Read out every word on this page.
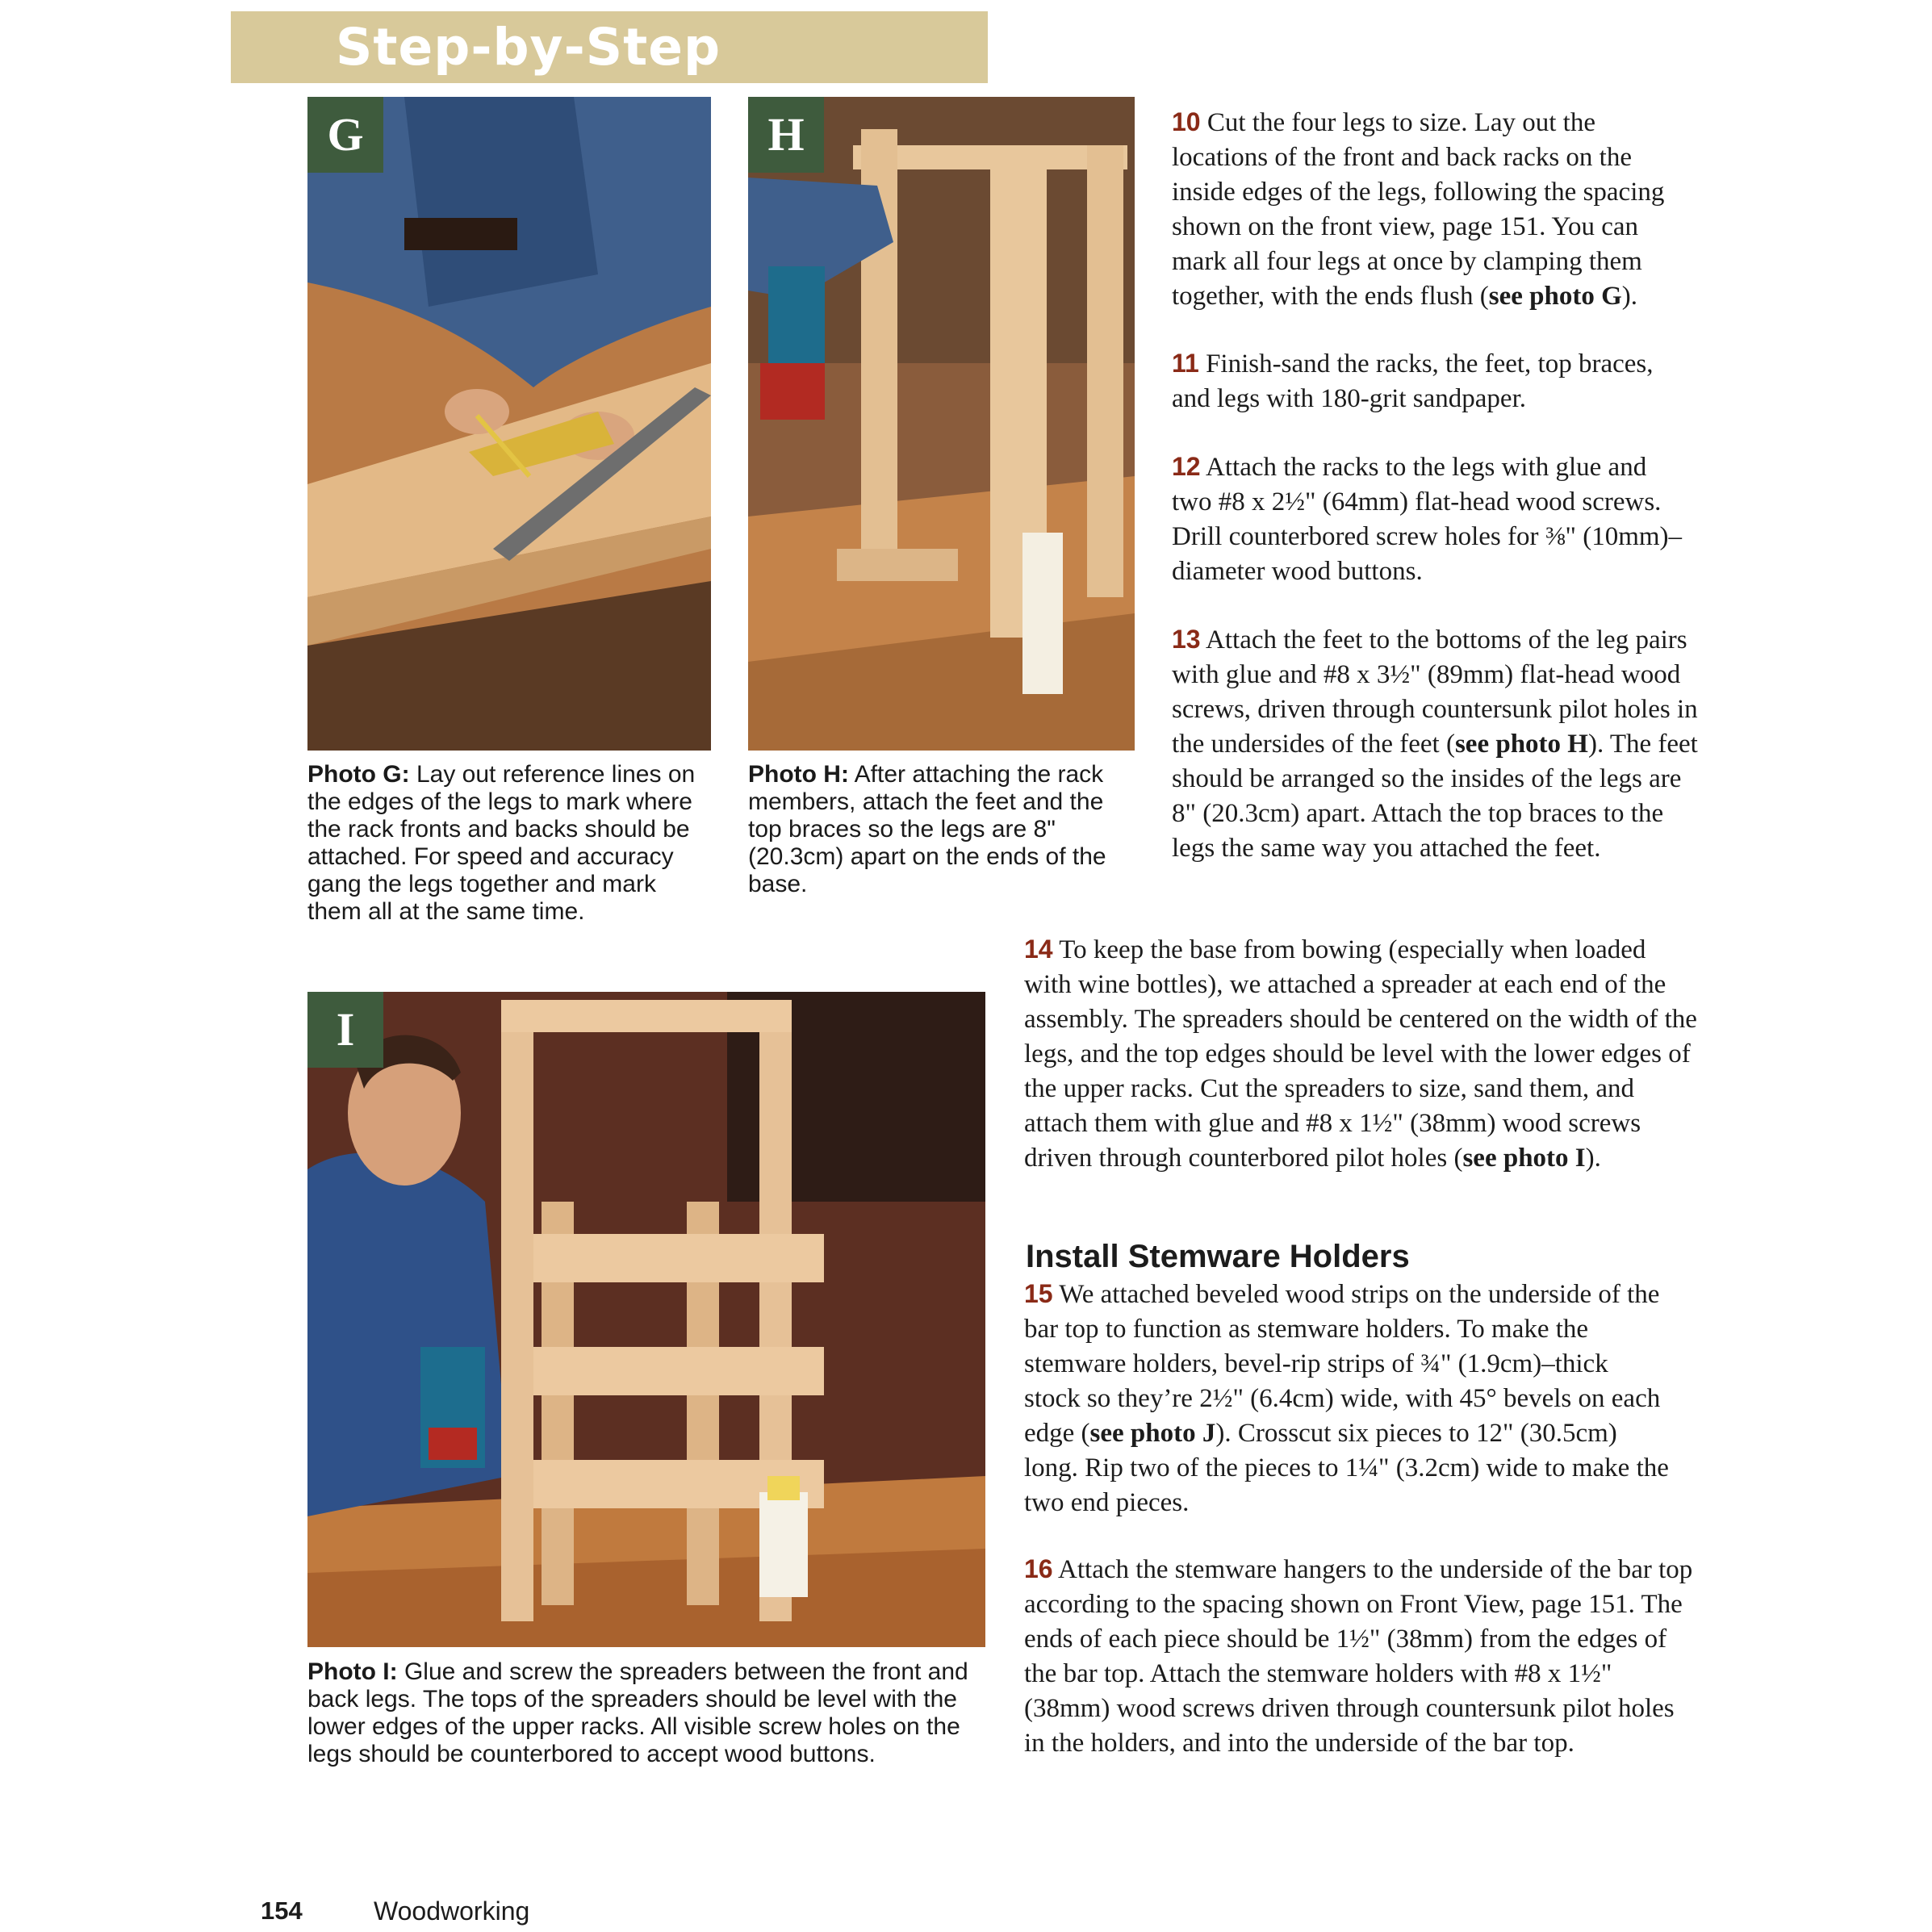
Step-by-Step
G	H
I
Photo G: Lay out reference lines on the edges of the legs to mark where the rack fronts and backs should be attached. For speed and accuracy gang the legs together and mark them all at the same time.
Photo H: After attaching the rack members, attach the feet and the top braces so the legs are 8" (20.3cm) apart on the ends of the base.
Photo I: Glue and screw the spreaders between the front and back legs. The tops of the spreaders should be level with the lower edges of the upper racks. All visible screw holes on the legs should be counterbored to accept wood buttons.
10 Cut the four legs to size. Lay out the locations of the front and back racks on the inside edges of the legs, following the spacing shown on the front view, page 151. You can mark all four legs at once by clamping them together, with the ends flush (see photo G).
11 Finish-sand the racks, the feet, top braces, and legs with 180-grit sandpaper.
12 Attach the racks to the legs with glue and two #8 x 2½" (64mm) flat-head wood screws. Drill counterbored screw holes for ⅜" (10mm)–diameter wood buttons.
13 Attach the feet to the bottoms of the leg pairs with glue and #8 x 3½" (89mm) flat-head wood screws, driven through countersunk pilot holes in the undersides of the feet (see photo H). The feet should be arranged so the insides of the legs are 8" (20.3cm) apart. Attach the top braces to the legs the same way you attached the feet.
14 To keep the base from bowing (especially when loaded with wine bottles), we attached a spreader at each end of the assembly. The spreaders should be centered on the width of the legs, and the top edges should be level with the lower edges of the upper racks. Cut the spreaders to size, sand them, and attach them with glue and #8 x 1½" (38mm) wood screws driven through counterbored pilot holes (see photo I).
Install Stemware Holders
15 We attached beveled wood strips on the underside of the bar top to function as stemware holders. To make the stemware holders, bevel-rip strips of ¾" (1.9cm)–thick stock so they’re 2½" (6.4cm) wide, with 45° bevels on each edge (see photo J). Crosscut six pieces to 12" (30.5cm) long. Rip two of the pieces to 1¼" (3.2cm) wide to make the two end pieces.
16 Attach the stemware hangers to the underside of the bar top according to the spacing shown on Front View, page 151. The ends of each piece should be 1½" (38mm) from the edges of the bar top. Attach the stemware holders with #8 x 1½" (38mm) wood screws driven through countersunk pilot holes in the holders, and into the underside of the bar top.
154	Woodworking
